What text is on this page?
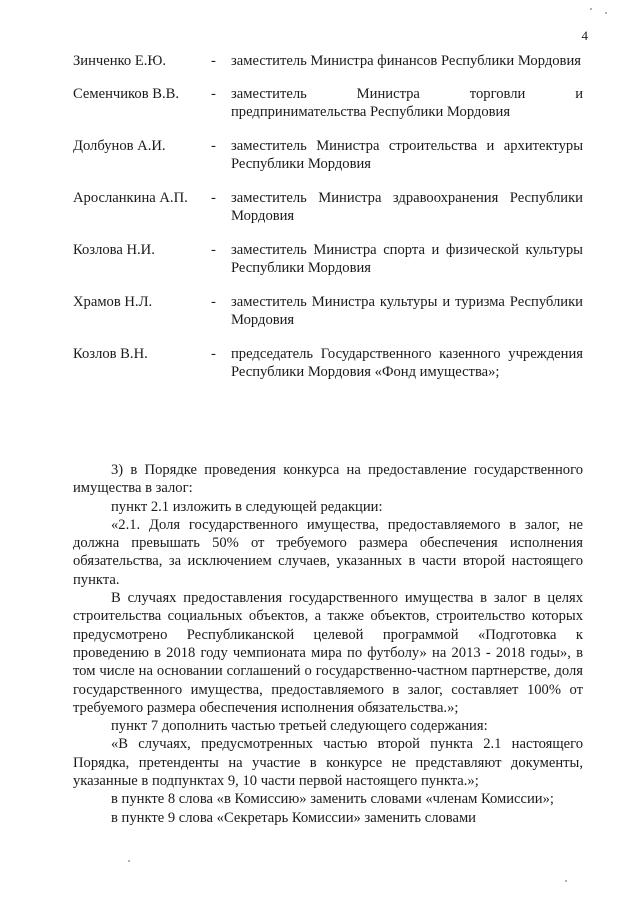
4
Зинченко Е.Ю.	-	заместитель Министра финансов Республики Мордовия
Семенчиков В.В.	-	заместитель Министра торговли и предпринимательства Республики Мордовия
Долбунов А.И.	-	заместитель Министра строительства и архитектуры Республики Мордовия
Аросланкина А.П.	-	заместитель Министра здравоохранения Республики Мордовия
Козлова Н.И.	-	заместитель Министра спорта и физической культуры Республики Мордовия
Храмов Н.Л.	-	заместитель Министра культуры и туризма Республики Мордовия
Козлов В.Н.	-	председатель Государственного казенного учреждения Республики Мордовия «Фонд имущества»;

3) в Порядке проведения конкурса на предоставление государственного имущества в залог:

пункт 2.1 изложить в следующей редакции:

«2.1. Доля государственного имущества, предоставляемого в залог, не должна превышать 50% от требуемого размера обеспечения исполнения обязательства, за исключением случаев, указанных в части второй настоящего пункта.

В случаях предоставления государственного имущества в залог в целях строительства социальных объектов, а также объектов, строительство которых предусмотрено Республиканской целевой программой «Подготовка к проведению в 2018 году чемпионата мира по футболу» на 2013 - 2018 годы», в том числе на основании соглашений о государственно-частном партнерстве, доля государственного имущества, предоставляемого в залог, составляет 100% от требуемого размера обеспечения исполнения обязательства.»;

пункт 7 дополнить частью третьей следующего содержания:

«В случаях, предусмотренных частью второй пункта 2.1 настоящего Порядка, претенденты на участие в конкурсе не представляют документы, указанные в подпунктах 9, 10 части первой настоящего пункта.»;

в пункте 8 слова «в Комиссию» заменить словами «членам Комиссии»;

в пункте 9 слова «Секретарь Комиссии» заменить словами
